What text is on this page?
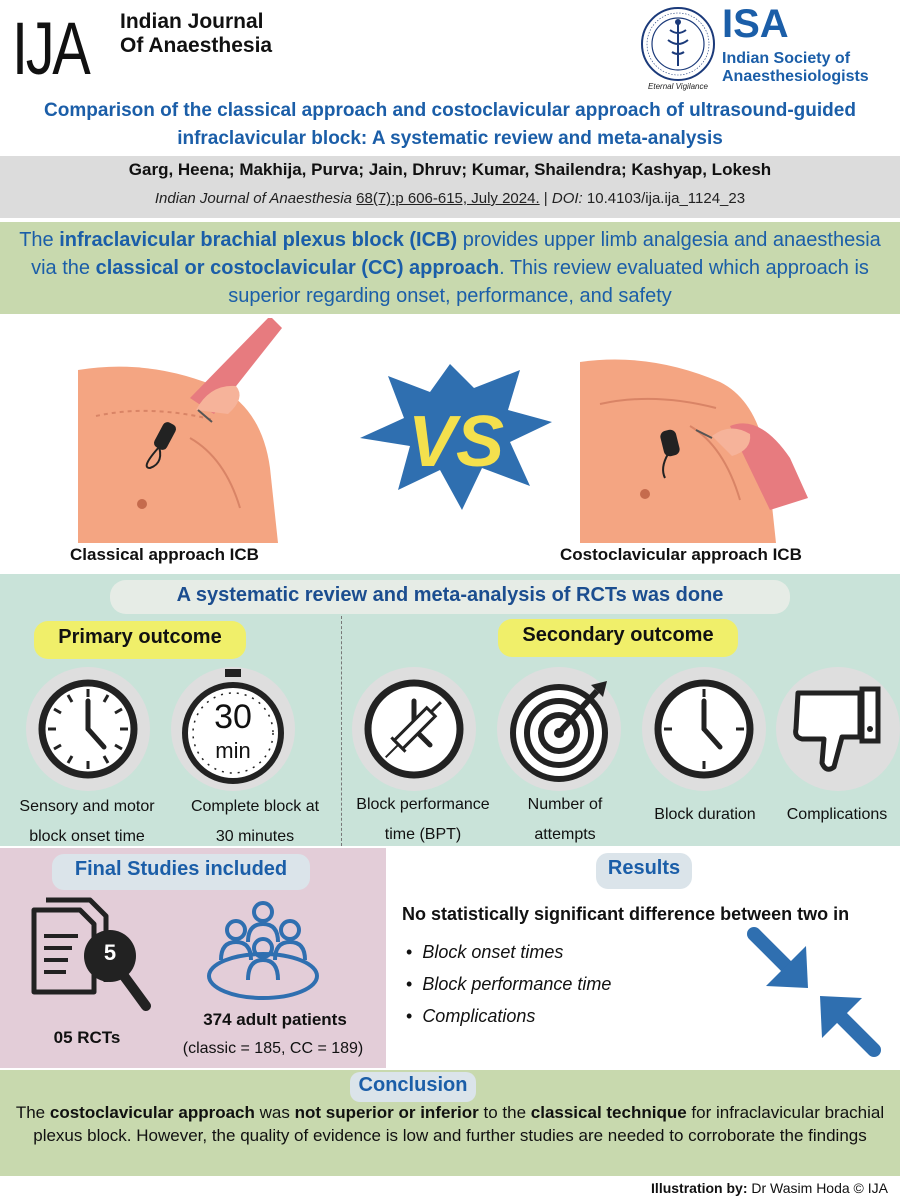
IJA Indian Journal Of Anaesthesia
Eternal Vigilance
ISA
Indian Society of Anaesthesiologists
Comparison of the classical approach and costoclavicular approach of ultrasound-guided infraclavicular block: A systematic review and meta-analysis
Garg, Heena; Makhija, Purva; Jain, Dhruv; Kumar, Shailendra; Kashyap, Lokesh
Indian Journal of Anaesthesia 68(7):p 606-615, July 2024. | DOI: 10.4103/ija.ija_1124_23
The infraclavicular brachial plexus block (ICB) provides upper limb analgesia and anaesthesia via the classical or costoclavicular (CC) approach. This review evaluated which approach is superior regarding onset, performance, and safety
VS
Classical approach ICB	Costoclavicular approach ICB
A systematic review and meta-analysis of RCTs was done
Primary outcome	Secondary outcome
30
min
Sensory and motor
block onset time
Complete block at
30 minutes
Block performance
time (BPT)
Number of
attempts
Block duration	Complications
Final Studies included
5
05 RCTs
374 adult patients
(classic = 185, CC = 189)
Results
No statistically significant difference between two in
• Block onset times
• Block performance time
• Complications
Conclusion
The costoclavicular approach was not superior or inferior to the classical technique for infraclavicular brachial plexus block. However, the quality of evidence is low and further studies are needed to corroborate the findings
Illustration by: Dr Wasim Hoda © IJA
